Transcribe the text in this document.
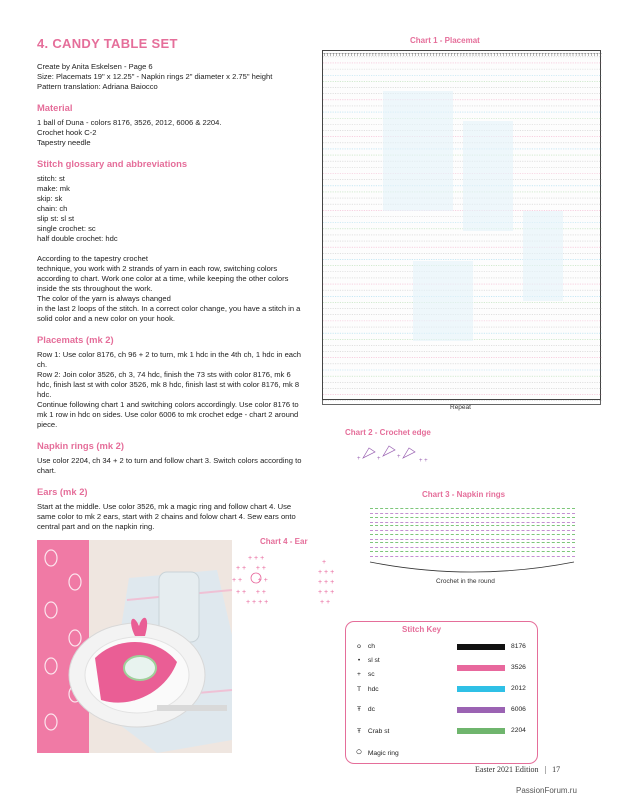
4. CANDY TABLE SET
Create by Anita Eskelsen - Page 6
Size: Placemats 19" x 12.25" - Napkin rings 2" diameter x 2.75" height
Pattern translation: Adriana Baiocco
Material
1 ball of Duna - colors 8176, 3526, 2012, 6006 & 2204.
Crochet hook C-2
Tapestry needle
Stitch glossary and abbreviations
stitch: st
make: mk
skip: sk
chain: ch
slip st: sl st
single crochet: sc
half double crochet: hdc
According to the tapestry crochet
technique, you work with 2 strands of yarn in each row, switching colors according to chart. Work one color at a time, while keeping the other colors inside the sts throughout the work.
The color of the yarn is always changed
in the last 2 loops of the stitch. In a correct color change, you have a stitch in a solid color and a new color on your hook.
Placemats (mk 2)
Row 1: Use color 8176, ch 96 + 2 to turn, mk 1 hdc in the 4th ch, 1 hdc in each ch.
Row 2: Join color 3526, ch 3, 74 hdc, finish the 73 sts with color 8176, mk 6 hdc, finish last st with color 3526, mk 8 hdc, finish last st with color 8176, mk 8 hdc.
Continue following chart 1 and switching colors accordingly. Use color 8176 to mk 1 row in hdc on sides. Use color 6006 to mk crochet edge - chart 2 around piece.
Napkin rings (mk 2)
Use color 2204, ch 34 + 2 to turn and follow chart 3. Switch colors according to chart.
Ears (mk 2)
Start at the middle. Use color 3526, mk a magic ring and follow chart 4. Use same color to mk 2 ears, start with 2 chains and folow chart 4. Sew ears onto central part and on the napkin ring.
Chart 1 - Placemat
T T T T T T T T T T T T T T T T T T T T T T T T T T T T T T T T T T T T T T T T T T T T T T T T T T T T T T T T T T T T T T T T T T T T T T T T T T T T T T T T T T T T T T T T T T T T
Repeat
Chart 2 - Crochet edge
+	+	+
+ +
Chart 3 - Napkin rings
Crochet in the round
Chart 4 - Ear
+ + +
+ +     + +
+ +        + +
+ +     + +
+ + + +
+
+ + +
+ + +
+ + +
+ +
Stitch Key
o ch
• sl st
+ sc
T hdc
Ŧ dc
Ŧ Crab st
○ Magic ring
8176
3526
2012
6006
2204
Easter 2021 Edition | 17
PassionForum.ru
